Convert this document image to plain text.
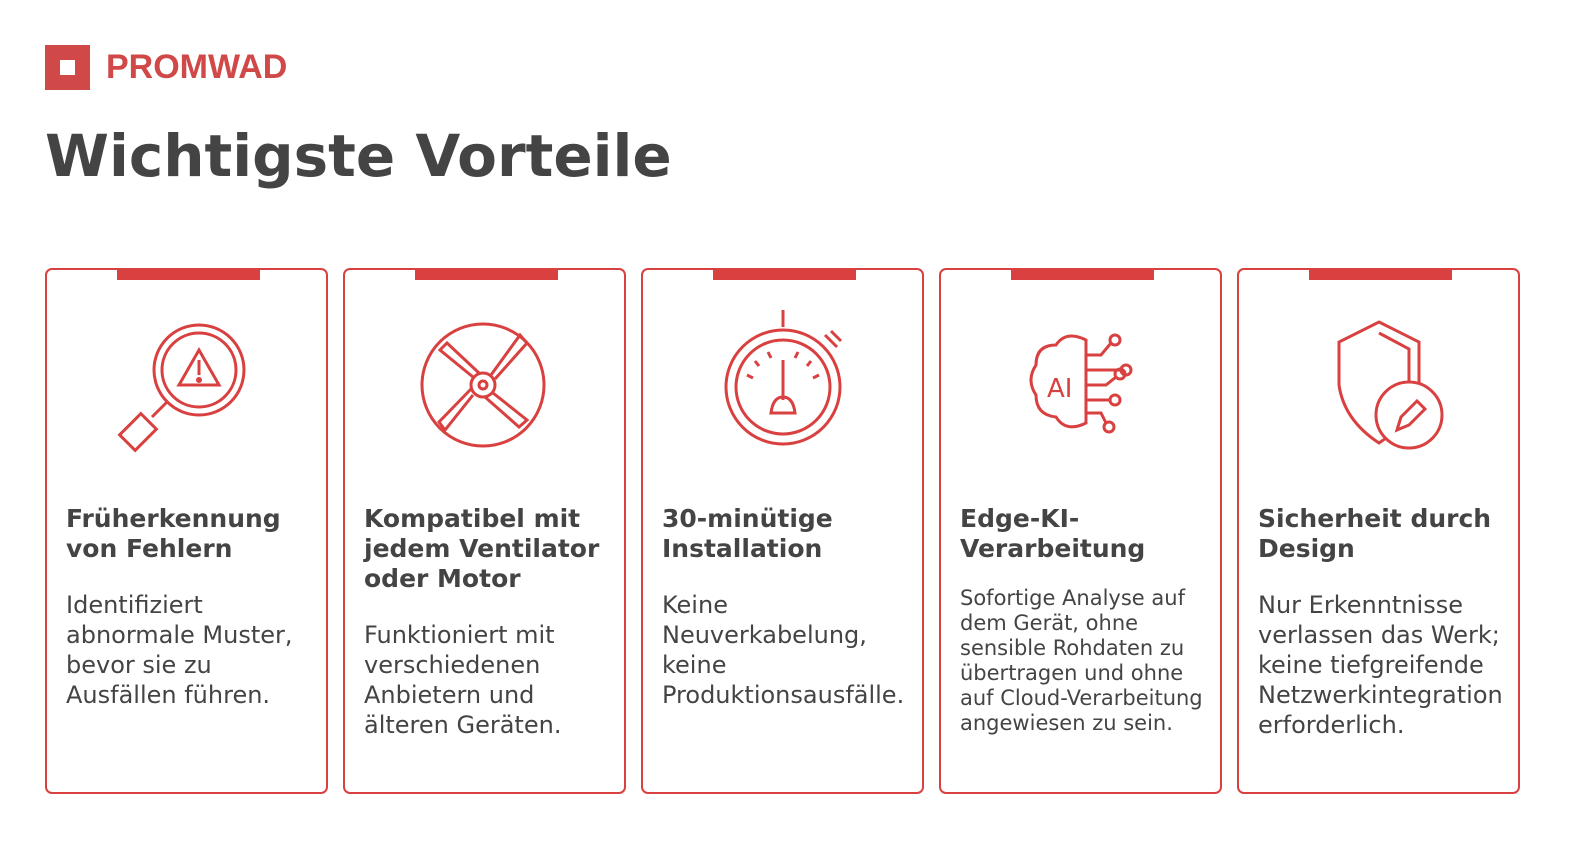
PROMWAD
Wichtigste Vorteile
Früherkennung von Fehlern
Identifiziert abnormale Muster, bevor sie zu Ausfällen führen.
Kompatibel mit jedem Ventilator oder Motor
Funktioniert mit verschiedenen Anbietern und älteren Geräten.
30-minütige Installation
Keine Neuverkabelung, keine Produktionsausfälle.
AI
Edge-KI-Verarbeitung
Sofortige Analyse auf dem Gerät, ohne sensible Rohdaten zu übertragen und ohne auf Cloud-Verarbeitung angewiesen zu sein.
Sicherheit durch Design
Nur Erkenntnisse verlassen das Werk; keine tiefgreifende Netzwerkintegration erforderlich.
